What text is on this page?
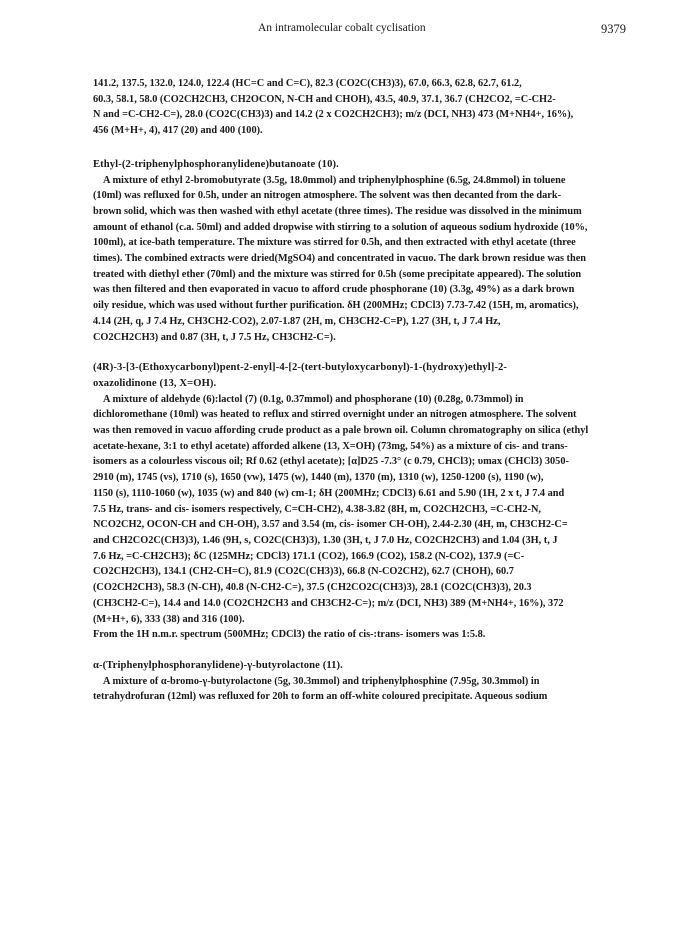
An intramolecular cobalt cyclisation	9379

141.2, 137.5, 132.0, 124.0, 122.4 (HC=C and C=C), 82.3 (CO2C(CH3)3), 67.0, 66.3, 62.8, 62.7, 61.2,
60.3, 58.1, 58.0 (CO2CH2CH3, CH2OCON, N-CH and CHOH), 43.5, 40.9, 37.1, 36.7 (CH2CO2, =C-CH2-
N and =C-CH2-C=), 28.0 (CO2C(CH3)3) and 14.2 (2 x CO2CH2CH3); m/z (DCI, NH3) 473 (M+NH4+, 16%),
456 (M+H+, 4), 417 (20) and 400 (100).

Ethyl-(2-triphenylphosphoranylidene)butanoate (10).

A mixture of ethyl 2-bromobutyrate (3.5g, 18.0mmol) and triphenylphosphine (6.5g, 24.8mmol) in toluene
(10ml) was refluxed for 0.5h, under an nitrogen atmosphere. The solvent was then decanted from the dark-
brown solid, which was then washed with ethyl acetate (three times). The residue was dissolved in the minimum
amount of ethanol (c.a. 50ml) and added dropwise with stirring to a solution of aqueous sodium hydroxide (10%,
100ml), at ice-bath temperature. The mixture was stirred for 0.5h, and then extracted with ethyl acetate (three
times). The combined extracts were dried(MgSO4) and concentrated in vacuo. The dark brown residue was then
treated with diethyl ether (70ml) and the mixture was stirred for 0.5h (some precipitate appeared). The solution
was then filtered and then evaporated in vacuo to afford crude phosphorane (10) (3.3g, 49%) as a dark brown
oily residue, which was used without further purification. δH (200MHz; CDCl3) 7.73-7.42 (15H, m, aromatics),
4.14 (2H, q, J 7.4 Hz, CH3CH2-CO2), 2.07-1.87 (2H, m, CH3CH2-C=P), 1.27 (3H, t, J 7.4 Hz,
CO2CH2CH3) and 0.87 (3H, t, J 7.5 Hz, CH3CH2-C=).

(4R)-3-[3-(Ethoxycarbonyl)pent-2-enyl]-4-[2-(tert-butyloxycarbonyl)-1-(hydroxy)ethyl]-2-
oxazolidinone (13, X=OH).

A mixture of aldehyde (6):lactol (7) (0.1g, 0.37mmol) and phosphorane (10) (0.28g, 0.73mmol) in
dichloromethane (10ml) was heated to reflux and stirred overnight under an nitrogen atmosphere. The solvent
was then removed in vacuo affording crude product as a pale brown oil. Column chromatography on silica (ethyl
acetate-hexane, 3:1 to ethyl acetate) afforded alkene (13, X=OH) (73mg, 54%) as a mixture of cis- and trans-
isomers as a colourless viscous oil; Rf 0.62 (ethyl acetate); [α]D25 -7.3° (c 0.79, CHCl3); υmax (CHCl3) 3050-
2910 (m), 1745 (vs), 1710 (s), 1650 (vw), 1475 (w), 1440 (m), 1370 (m), 1310 (w), 1250-1200 (s), 1190 (w),
1150 (s), 1110-1060 (w), 1035 (w) and 840 (w) cm-1; δH (200MHz; CDCl3) 6.61 and 5.90 (1H, 2 x t, J 7.4 and
7.5 Hz, trans- and cis- isomers respectively, C=CH-CH2), 4.38-3.82 (8H, m, CO2CH2CH3, =C-CH2-N,
NCO2CH2, OCON-CH and CH-OH), 3.57 and 3.54 (m, cis- isomer CH-OH), 2.44-2.30 (4H, m, CH3CH2-C=
and CH2CO2C(CH3)3), 1.46 (9H, s, CO2C(CH3)3), 1.30 (3H, t, J 7.0 Hz, CO2CH2CH3) and 1.04 (3H, t, J
7.6 Hz, =C-CH2CH3); δC (125MHz; CDCl3) 171.1 (CO2), 166.9 (CO2), 158.2 (N-CO2), 137.9 (=C-
CO2CH2CH3), 134.1 (CH2-CH=C), 81.9 (CO2C(CH3)3), 66.8 (N-CO2CH2), 62.7 (CHOH), 60.7
(CO2CH2CH3), 58.3 (N-CH), 40.8 (N-CH2-C=), 37.5 (CH2CO2C(CH3)3), 28.1 (CO2C(CH3)3), 20.3
(CH3CH2-C=), 14.4 and 14.0 (CO2CH2CH3 and CH3CH2-C=); m/z (DCI, NH3) 389 (M+NH4+, 16%), 372
(M+H+, 6), 333 (38) and 316 (100).

From the 1H n.m.r. spectrum (500MHz; CDCl3) the ratio of cis-:trans- isomers was 1:5.8.

α-(Triphenylphosphoranylidene)-γ-butyrolactone (11).

A mixture of α-bromo-γ-butyrolactone (5g, 30.3mmol) and triphenylphosphine (7.95g, 30.3mmol) in
tetrahydrofuran (12ml) was refluxed for 20h to form an off-white coloured precipitate. Aqueous sodium
